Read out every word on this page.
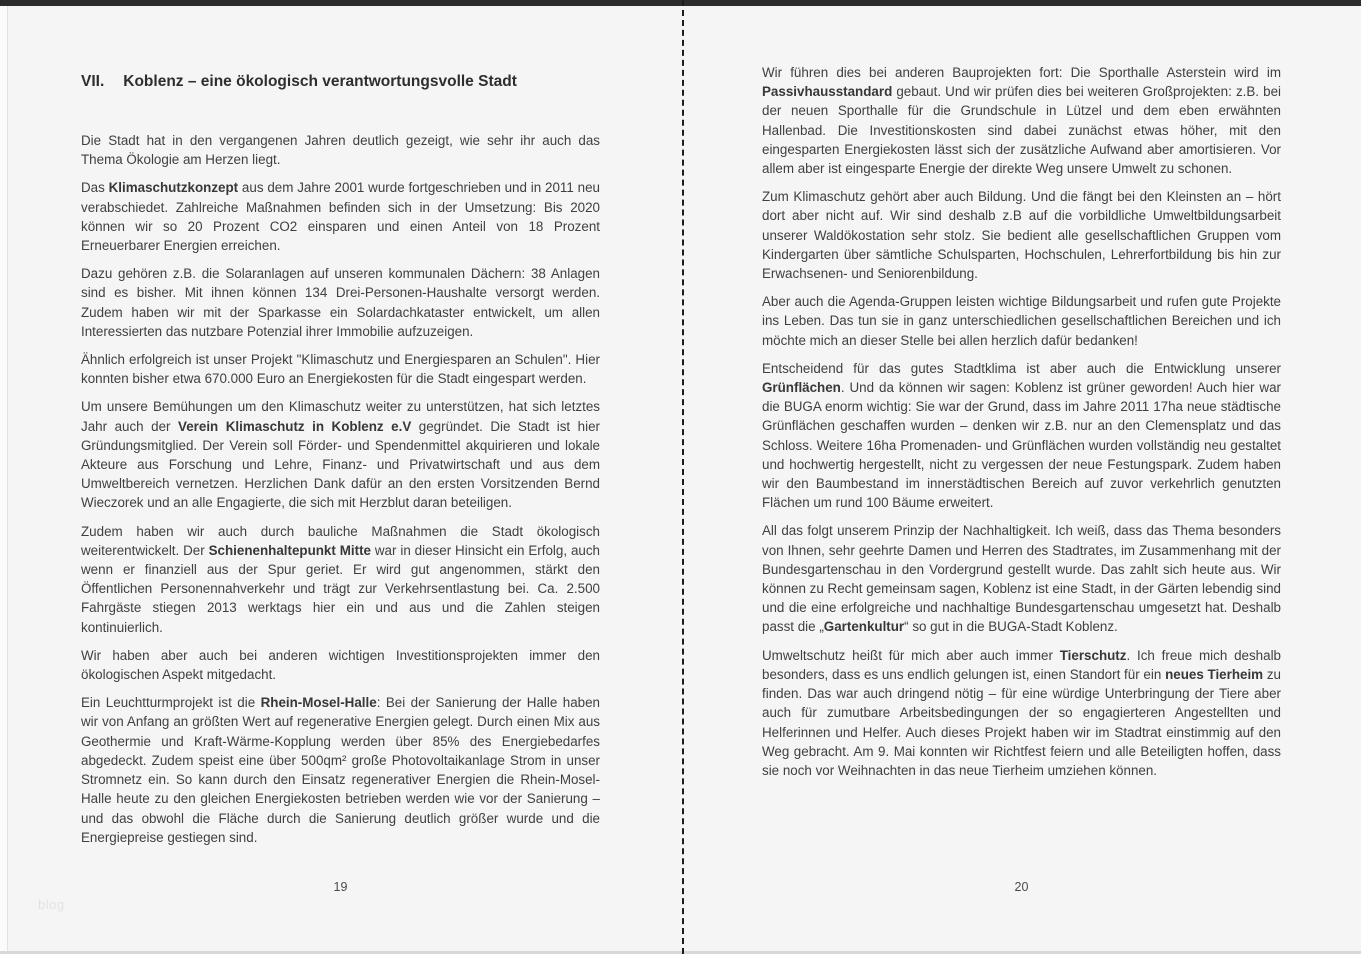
VII. Koblenz – eine ökologisch verantwortungsvolle Stadt

Die Stadt hat in den vergangenen Jahren deutlich gezeigt, wie sehr ihr auch das Thema Ökologie am Herzen liegt.

Das Klimaschutzkonzept aus dem Jahre 2001 wurde fortgeschrieben und in 2011 neu verabschiedet. Zahlreiche Maßnahmen befinden sich in der Umsetzung: Bis 2020 können wir so 20 Prozent CO2 einsparen und einen Anteil von 18 Prozent Erneuerbarer Energien erreichen.

Dazu gehören z.B. die Solaranlagen auf unseren kommunalen Dächern: 38 Anlagen sind es bisher. Mit ihnen können 134 Drei-Personen-Haushalte versorgt werden. Zudem haben wir mit der Sparkasse ein Solardachkataster entwickelt, um allen Interessierten das nutzbare Potenzial ihrer Immobilie aufzuzeigen.

Ähnlich erfolgreich ist unser Projekt "Klimaschutz und Energiesparen an Schulen". Hier konnten bisher etwa 670.000 Euro an Energiekosten für die Stadt eingespart werden.

Um unsere Bemühungen um den Klimaschutz weiter zu unterstützen, hat sich letztes Jahr auch der Verein Klimaschutz in Koblenz e.V gegründet. Die Stadt ist hier Gründungsmitglied. Der Verein soll Förder- und Spendenmittel akquirieren und lokale Akteure aus Forschung und Lehre, Finanz- und Privatwirtschaft und aus dem Umweltbereich vernetzen. Herzlichen Dank dafür an den ersten Vorsitzenden Bernd Wieczorek und an alle Engagierte, die sich mit Herzblut daran beteiligen.

Zudem haben wir auch durch bauliche Maßnahmen die Stadt ökologisch weiterentwickelt. Der Schienenhaltepunkt Mitte war in dieser Hinsicht ein Erfolg, auch wenn er finanziell aus der Spur geriet. Er wird gut angenommen, stärkt den Öffentlichen Personennahverkehr und trägt zur Verkehrsentlastung bei. Ca. 2.500 Fahrgäste stiegen 2013 werktags hier ein und aus und die Zahlen steigen kontinuierlich.

Wir haben aber auch bei anderen wichtigen Investitionsprojekten immer den ökologischen Aspekt mitgedacht.

Ein Leuchtturmprojekt ist die Rhein-Mosel-Halle: Bei der Sanierung der Halle haben wir von Anfang an größten Wert auf regenerative Energien gelegt. Durch einen Mix aus Geothermie und Kraft-Wärme-Kopplung werden über 85% des Energiebedarfes abgedeckt. Zudem speist eine über 500qm² große Photovoltaikanlage Strom in unser Stromnetz ein. So kann durch den Einsatz regenerativer Energien die Rhein-Mosel-Halle heute zu den gleichen Energiekosten betrieben werden wie vor der Sanierung – und das obwohl die Fläche durch die Sanierung deutlich größer wurde und die Energiepreise gestiegen sind.

19

Wir führen dies bei anderen Bauprojekten fort: Die Sporthalle Asterstein wird im Passivhausstandard gebaut. Und wir prüfen dies bei weiteren Großprojekten: z.B. bei der neuen Sporthalle für die Grundschule in Lützel und dem eben erwähnten Hallenbad. Die Investitionskosten sind dabei zunächst etwas höher, mit den eingesparten Energiekosten lässt sich der zusätzliche Aufwand aber amortisieren. Vor allem aber ist eingesparte Energie der direkte Weg unsere Umwelt zu schonen.

Zum Klimaschutz gehört aber auch Bildung. Und die fängt bei den Kleinsten an – hört dort aber nicht auf. Wir sind deshalb z.B auf die vorbildliche Umweltbildungsarbeit unserer Waldökostation sehr stolz. Sie bedient alle gesellschaftlichen Gruppen vom Kindergarten über sämtliche Schulsparten, Hochschulen, Lehrerfortbildung bis hin zur Erwachsenen- und Seniorenbildung.

Aber auch die Agenda-Gruppen leisten wichtige Bildungsarbeit und rufen gute Projekte ins Leben. Das tun sie in ganz unterschiedlichen gesellschaftlichen Bereichen und ich möchte mich an dieser Stelle bei allen herzlich dafür bedanken!

Entscheidend für das gutes Stadtklima ist aber auch die Entwicklung unserer Grünflächen. Und da können wir sagen: Koblenz ist grüner geworden! Auch hier war die BUGA enorm wichtig: Sie war der Grund, dass im Jahre 2011 17ha neue städtische Grünflächen geschaffen wurden – denken wir z.B. nur an den Clemensplatz und das Schloss. Weitere 16ha Promenaden- und Grünflächen wurden vollständig neu gestaltet und hochwertig hergestellt, nicht zu vergessen der neue Festungspark. Zudem haben wir den Baumbestand im innerstädtischen Bereich auf zuvor verkehrlich genutzten Flächen um rund 100 Bäume erweitert.

All das folgt unserem Prinzip der Nachhaltigkeit. Ich weiß, dass das Thema besonders von Ihnen, sehr geehrte Damen und Herren des Stadtrates, im Zusammenhang mit der Bundesgartenschau in den Vordergrund gestellt wurde. Das zahlt sich heute aus. Wir können zu Recht gemeinsam sagen, Koblenz ist eine Stadt, in der Gärten lebendig sind und die eine erfolgreiche und nachhaltige Bundesgartenschau umgesetzt hat. Deshalb passt die „Gartenkultur“ so gut in die BUGA-Stadt Koblenz.

Umweltschutz heißt für mich aber auch immer Tierschutz. Ich freue mich deshalb besonders, dass es uns endlich gelungen ist, einen Standort für ein neues Tierheim zu finden. Das war auch dringend nötig – für eine würdige Unterbringung der Tiere aber auch für zumutbare Arbeitsbedingungen der so engagierteren Angestellten und Helferinnen und Helfer. Auch dieses Projekt haben wir im Stadtrat einstimmig auf den Weg gebracht. Am 9. Mai konnten wir Richtfest feiern und alle Beteiligten hoffen, dass sie noch vor Weihnachten in das neue Tierheim umziehen können.

20
blog
